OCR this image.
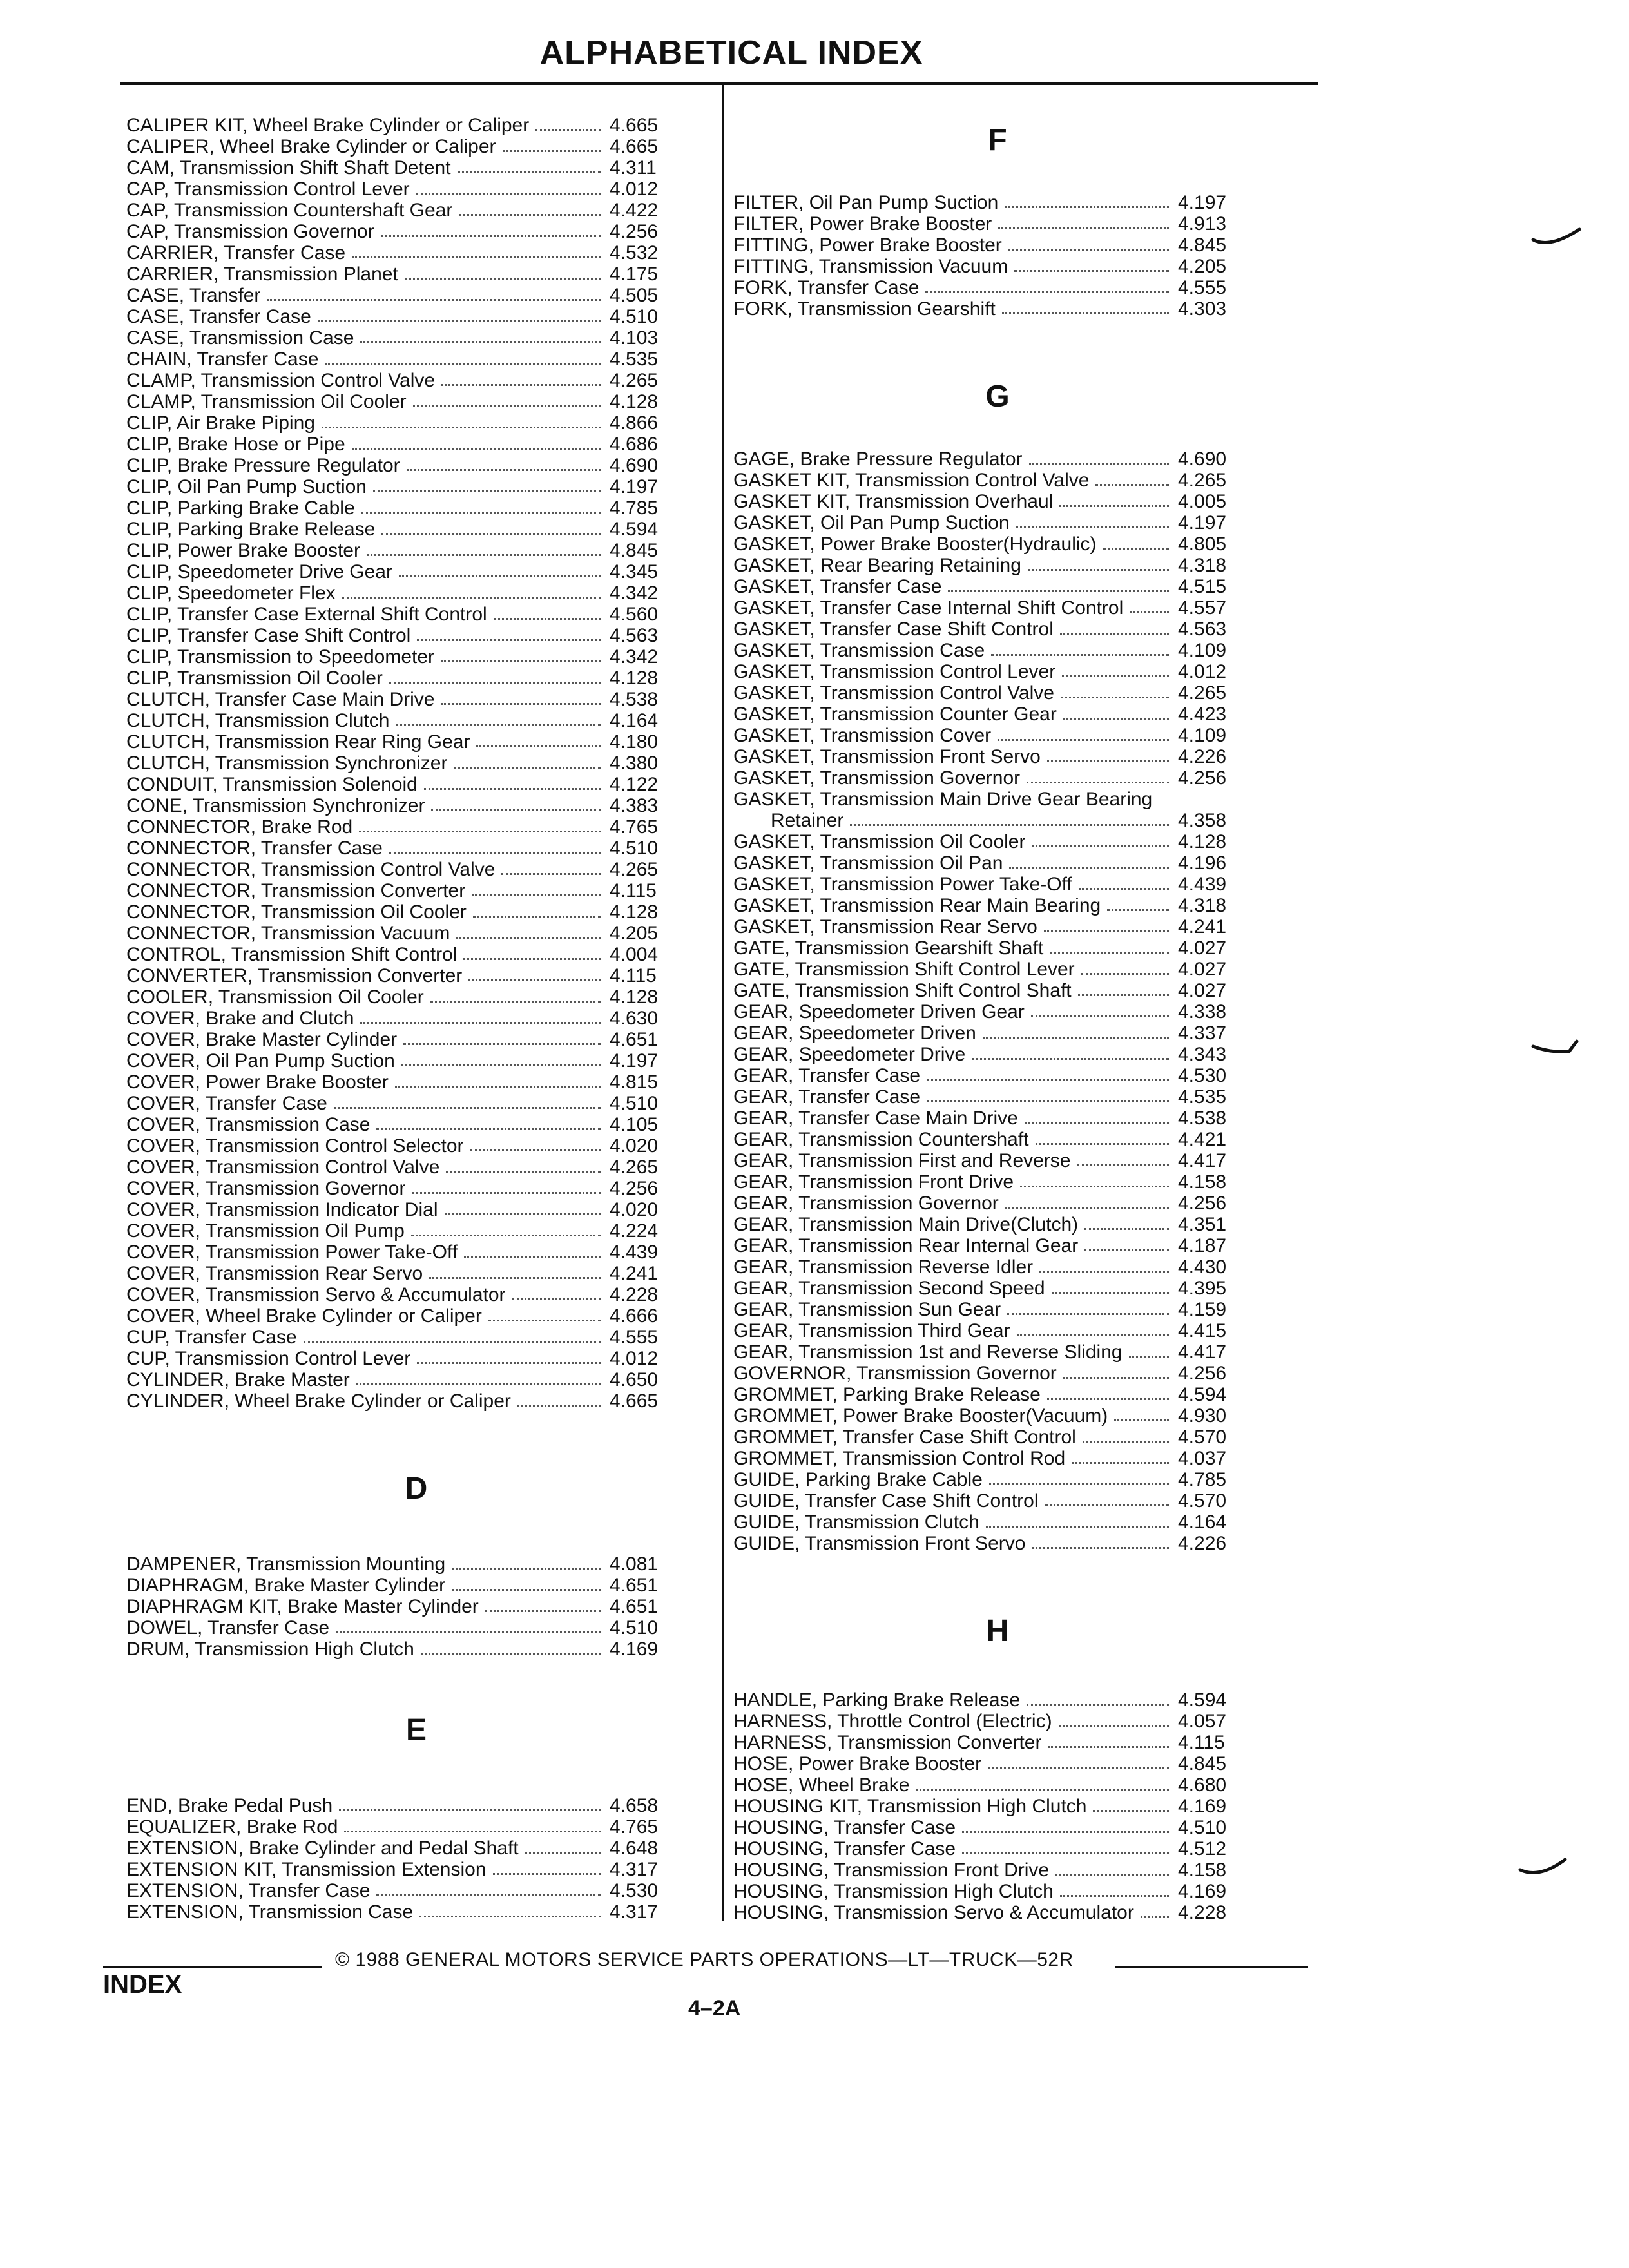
ALPHABETICAL INDEX
CALIPER KIT, Wheel Brake Cylinder or Caliper	4.665
CALIPER, Wheel Brake Cylinder or Caliper	4.665
CAM, Transmission Shift Shaft Detent	4.311
CAP, Transmission Control Lever	4.012
CAP, Transmission Countershaft Gear	4.422
CAP, Transmission Governor	4.256
CARRIER, Transfer Case	4.532
CARRIER, Transmission Planet	4.175
CASE, Transfer	4.505
CASE, Transfer Case	4.510
CASE, Transmission Case	4.103
CHAIN, Transfer Case	4.535
CLAMP, Transmission Control Valve	4.265
CLAMP, Transmission Oil Cooler	4.128
CLIP, Air Brake Piping	4.866
CLIP, Brake Hose or Pipe	4.686
CLIP, Brake Pressure Regulator	4.690
CLIP, Oil Pan Pump Suction	4.197
CLIP, Parking Brake Cable	4.785
CLIP, Parking Brake Release	4.594
CLIP, Power Brake Booster	4.845
CLIP, Speedometer Drive Gear	4.345
CLIP, Speedometer Flex	4.342
CLIP, Transfer Case External Shift Control	4.560
CLIP, Transfer Case Shift Control	4.563
CLIP, Transmission to Speedometer	4.342
CLIP, Transmission Oil Cooler	4.128
CLUTCH, Transfer Case Main Drive	4.538
CLUTCH, Transmission Clutch	4.164
CLUTCH, Transmission Rear Ring Gear	4.180
CLUTCH, Transmission Synchronizer	4.380
CONDUIT, Transmission Solenoid	4.122
CONE, Transmission Synchronizer	4.383
CONNECTOR, Brake Rod	4.765
CONNECTOR, Transfer Case	4.510
CONNECTOR, Transmission Control Valve	4.265
CONNECTOR, Transmission Converter	4.115
CONNECTOR, Transmission Oil Cooler	4.128
CONNECTOR, Transmission Vacuum	4.205
CONTROL, Transmission Shift Control	4.004
CONVERTER, Transmission Converter	4.115
COOLER, Transmission Oil Cooler	4.128
COVER, Brake and Clutch	4.630
COVER, Brake Master Cylinder	4.651
COVER, Oil Pan Pump Suction	4.197
COVER, Power Brake Booster	4.815
COVER, Transfer Case	4.510
COVER, Transmission Case	4.105
COVER, Transmission Control Selector	4.020
COVER, Transmission Control Valve	4.265
COVER, Transmission Governor	4.256
COVER, Transmission Indicator Dial	4.020
COVER, Transmission Oil Pump	4.224
COVER, Transmission Power Take-Off	4.439
COVER, Transmission Rear Servo	4.241
COVER, Transmission Servo & Accumulator	4.228
COVER, Wheel Brake Cylinder or Caliper	4.666
CUP, Transfer Case	4.555
CUP, Transmission Control Lever	4.012
CYLINDER, Brake Master	4.650
CYLINDER, Wheel Brake Cylinder or Caliper	4.665
D
DAMPENER, Transmission Mounting	4.081
DIAPHRAGM, Brake Master Cylinder	4.651
DIAPHRAGM KIT, Brake Master Cylinder	4.651
DOWEL, Transfer Case	4.510
DRUM, Transmission High Clutch	4.169
E
END, Brake Pedal Push	4.658
EQUALIZER, Brake Rod	4.765
EXTENSION, Brake Cylinder and Pedal Shaft	4.648
EXTENSION KIT, Transmission Extension	4.317
EXTENSION, Transfer Case	4.530
EXTENSION, Transmission Case	4.317
F
FILTER, Oil Pan Pump Suction	4.197
FILTER, Power Brake Booster	4.913
FITTING, Power Brake Booster	4.845
FITTING, Transmission Vacuum	4.205
FORK, Transfer Case	4.555
FORK, Transmission Gearshift	4.303
G
GAGE, Brake Pressure Regulator	4.690
GASKET KIT, Transmission Control Valve	4.265
GASKET KIT, Transmission Overhaul	4.005
GASKET, Oil Pan Pump Suction	4.197
GASKET, Power Brake Booster(Hydraulic)	4.805
GASKET, Rear Bearing Retaining	4.318
GASKET, Transfer Case	4.515
GASKET, Transfer Case Internal Shift Control	4.557
GASKET, Transfer Case Shift Control	4.563
GASKET, Transmission Case	4.109
GASKET, Transmission Control Lever	4.012
GASKET, Transmission Control Valve	4.265
GASKET, Transmission Counter Gear	4.423
GASKET, Transmission Cover	4.109
GASKET, Transmission Front Servo	4.226
GASKET, Transmission Governor	4.256
GASKET, Transmission Main Drive Gear Bearing
Retainer	4.358
GASKET, Transmission Oil Cooler	4.128
GASKET, Transmission Oil Pan	4.196
GASKET, Transmission Power Take-Off	4.439
GASKET, Transmission Rear Main Bearing	4.318
GASKET, Transmission Rear Servo	4.241
GATE, Transmission Gearshift Shaft	4.027
GATE, Transmission Shift Control Lever	4.027
GATE, Transmission Shift Control Shaft	4.027
GEAR, Speedometer Driven Gear	4.338
GEAR, Speedometer Driven	4.337
GEAR, Speedometer Drive	4.343
GEAR, Transfer Case	4.530
GEAR, Transfer Case	4.535
GEAR, Transfer Case Main Drive	4.538
GEAR, Transmission Countershaft	4.421
GEAR, Transmission First and Reverse	4.417
GEAR, Transmission Front Drive	4.158
GEAR, Transmission Governor	4.256
GEAR, Transmission Main Drive(Clutch)	4.351
GEAR, Transmission Rear Internal Gear	4.187
GEAR, Transmission Reverse Idler	4.430
GEAR, Transmission Second Speed	4.395
GEAR, Transmission Sun Gear	4.159
GEAR, Transmission Third Gear	4.415
GEAR, Transmission 1st and Reverse Sliding	4.417
GOVERNOR, Transmission Governor	4.256
GROMMET, Parking Brake Release	4.594
GROMMET, Power Brake Booster(Vacuum)	4.930
GROMMET, Transfer Case Shift Control	4.570
GROMMET, Transmission Control Rod	4.037
GUIDE, Parking Brake Cable	4.785
GUIDE, Transfer Case Shift Control	4.570
GUIDE, Transmission Clutch	4.164
GUIDE, Transmission Front Servo	4.226
H
HANDLE, Parking Brake Release	4.594
HARNESS, Throttle Control (Electric)	4.057
HARNESS, Transmission Converter	4.115
HOSE, Power Brake Booster	4.845
HOSE, Wheel Brake	4.680
HOUSING KIT, Transmission High Clutch	4.169
HOUSING, Transfer Case	4.510
HOUSING, Transfer Case	4.512
HOUSING, Transmission Front Drive	4.158
HOUSING, Transmission High Clutch	4.169
HOUSING, Transmission Servo & Accumulator 4.228
© 1988 GENERAL MOTORS SERVICE PARTS OPERATIONS—LT—TRUCK—52R
INDEX
4–2A
